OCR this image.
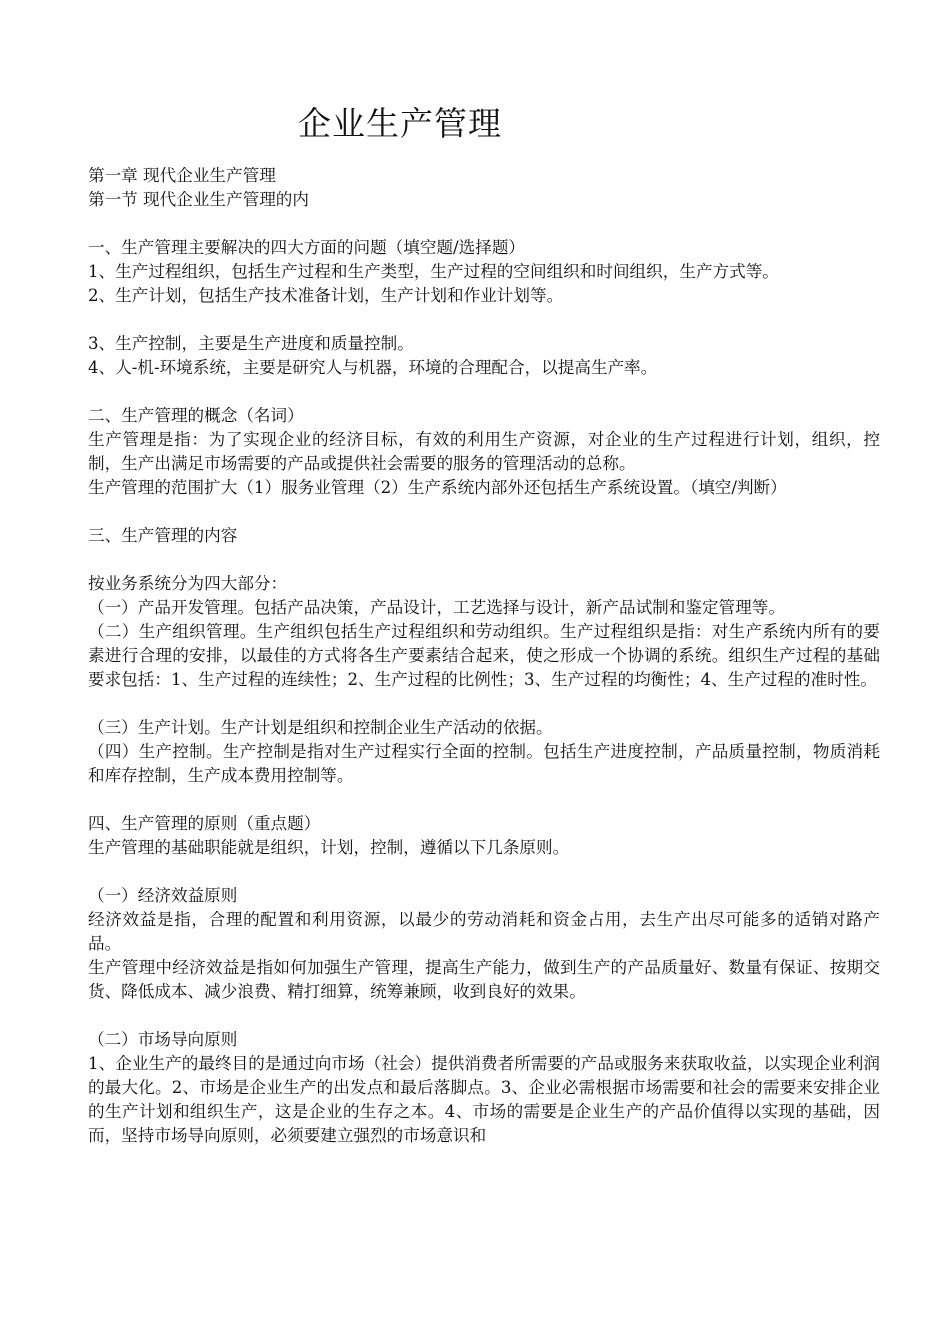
企业生产管理

第一章 现代企业生产管理

第一节 现代企业生产管理的内

一、生产管理主要解决的四大方面的问题（填空题/选择题）

1、生产过程组织，包括生产过程和生产类型，生产过程的空间组织和时间组织，生产方式等。

2、生产计划，包括生产技术准备计划，生产计划和作业计划等。

3、生产控制，主要是生产进度和质量控制。

4、人-机-环境系统，主要是研究人与机器，环境的合理配合，以提高生产率。

二、生产管理的概念（名词）

生产管理是指：为了实现企业的经济目标，有效的利用生产资源，对企业的生产过程进行计划，组织，控制，生产出满足市场需要的产品或提供社会需要的服务的管理活动的总称。

生产管理的范围扩大（1）服务业管理（2）生产系统内部外还包括生产系统设置。（填空/判断）

三、生产管理的内容

按业务系统分为四大部分：

（一）产品开发管理。包括产品决策，产品设计，工艺选择与设计，新产品试制和鉴定管理等。

（二）生产组织管理。生产组织包括生产过程组织和劳动组织。生产过程组织是指：对生产系统内所有的要素进行合理的安排，以最佳的方式将各生产要素结合起来，使之形成一个协调的系统。组织生产过程的基础要求包括：1、生产过程的连续性；2、生产过程的比例性；3、生产过程的均衡性；4、生产过程的准时性。

（三）生产计划。生产计划是组织和控制企业生产活动的依据。

（四）生产控制。生产控制是指对生产过程实行全面的控制。包括生产进度控制，产品质量控制，物质消耗和库存控制，生产成本费用控制等。

四、生产管理的原则（重点题）

生产管理的基础职能就是组织，计划，控制，遵循以下几条原则。

（一）经济效益原则

经济效益是指，合理的配置和利用资源，以最少的劳动消耗和资金占用，去生产出尽可能多的适销对路产品。

生产管理中经济效益是指如何加强生产管理，提高生产能力，做到生产的产品质量好、数量有保证、按期交货、降低成本、减少浪费、精打细算，统筹兼顾，收到良好的效果。

（二）市场导向原则

1、企业生产的最终目的是通过向市场（社会）提供消费者所需要的产品或服务来获取收益，以实现企业利润的最大化。2、市场是企业生产的出发点和最后落脚点。3、企业必需根据市场需要和社会的需要来安排企业的生产计划和组织生产，这是企业的生存之本。4、市场的需要是企业生产的产品价值得以实现的基础，因而，坚持市场导向原则，必须要建立强烈的市场意识和
